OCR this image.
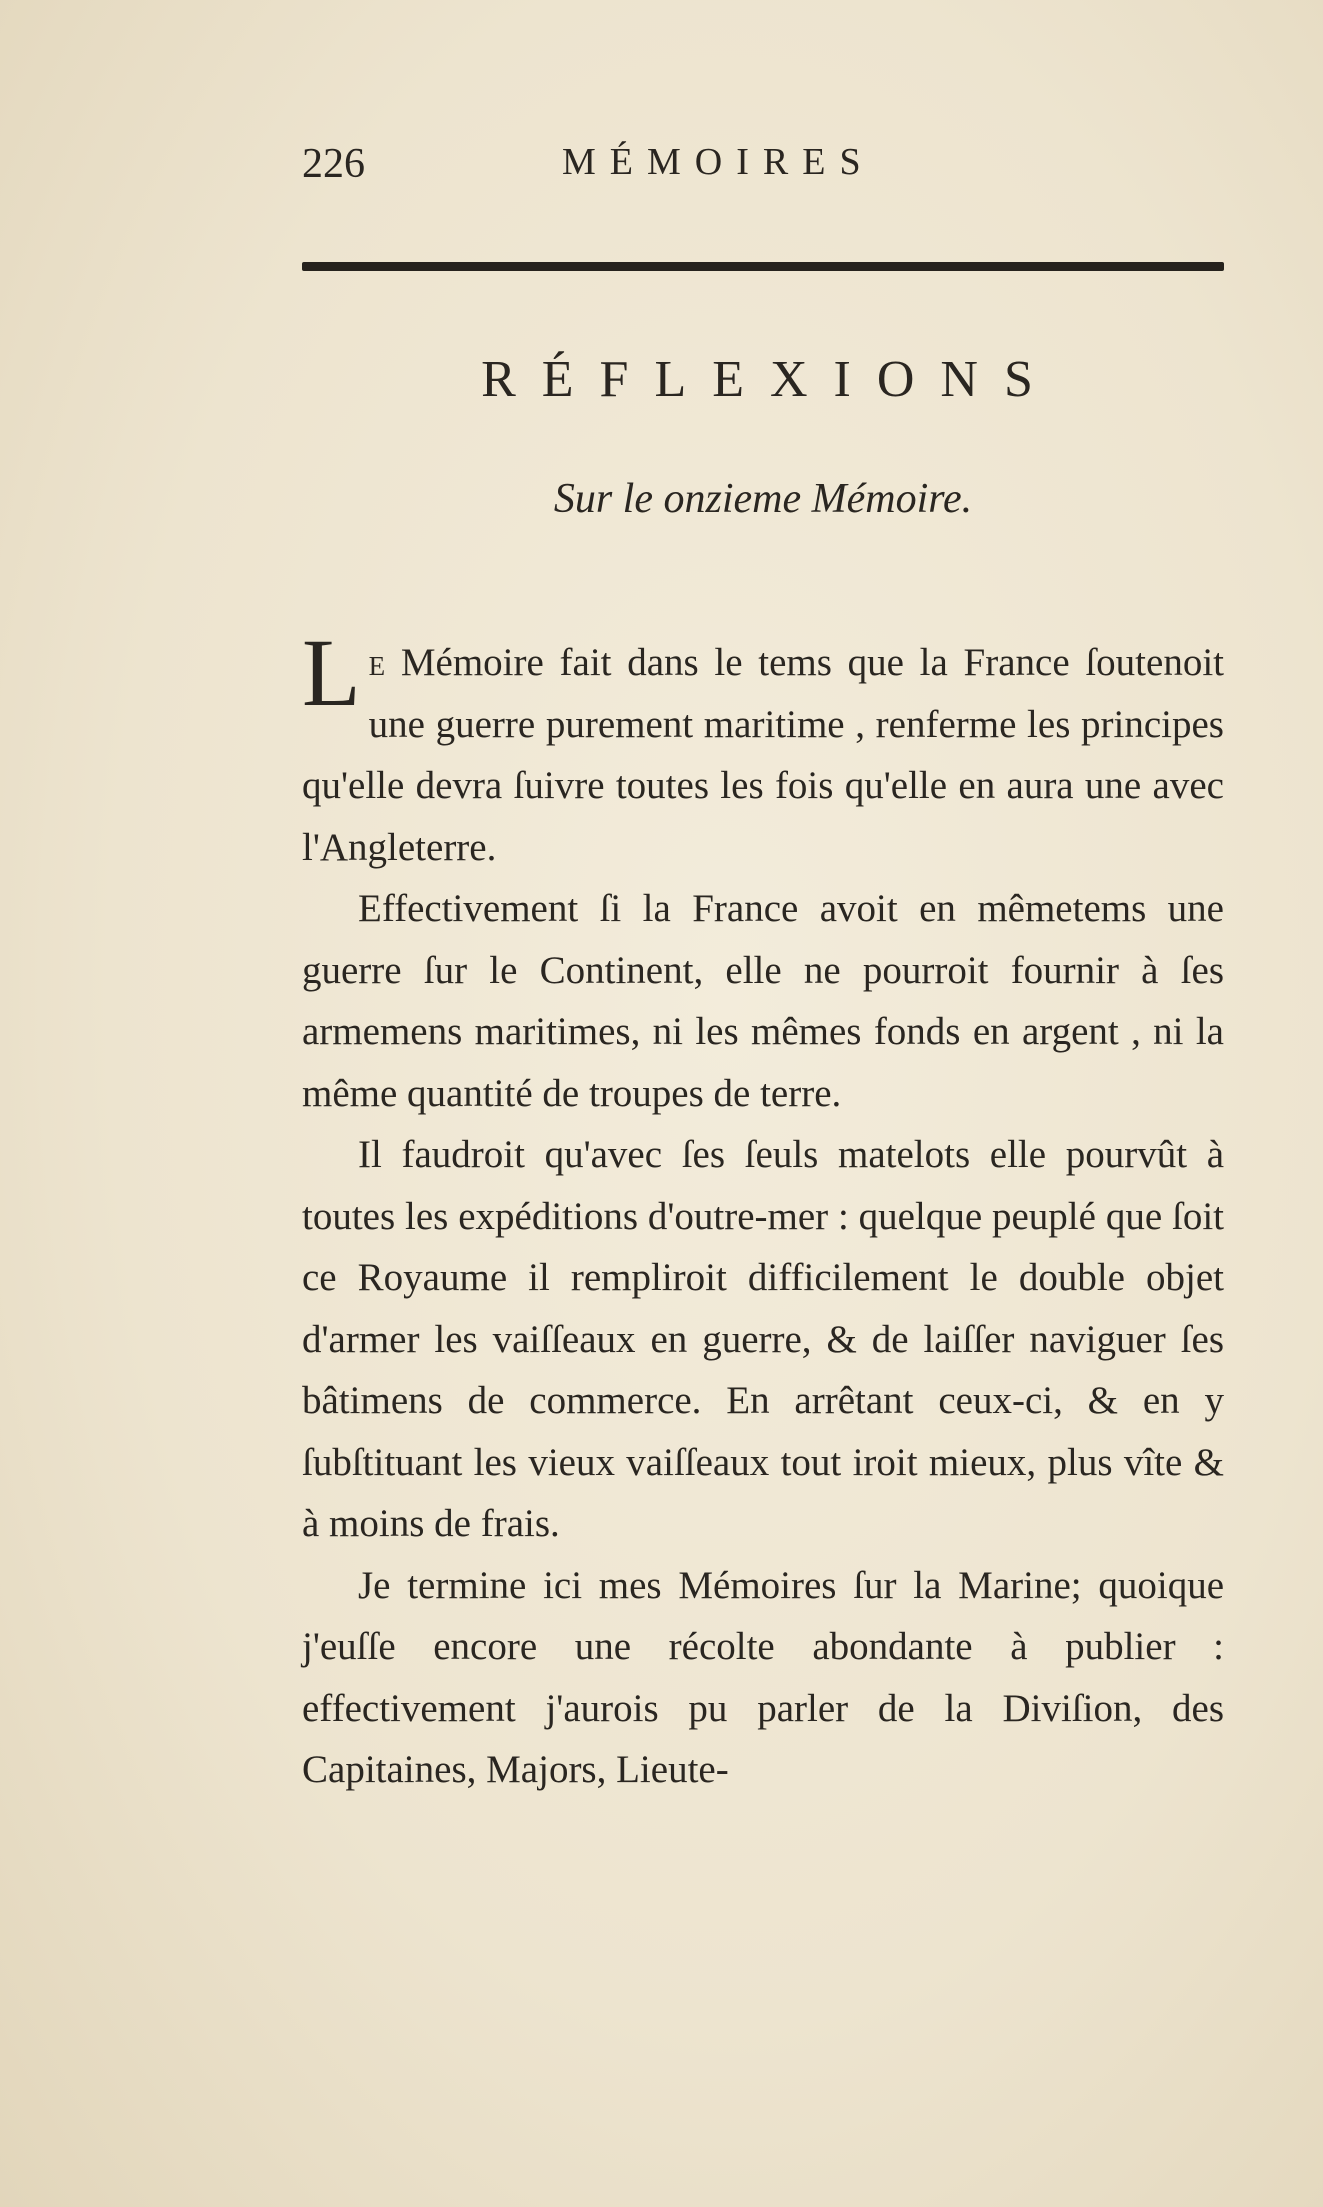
226	MÉMOIRES
RÉFLEXIONS
Sur le onzieme Mémoire.

Le Mémoire fait dans le tems que la France ſoutenoit une guerre purement maritime , renferme les principes qu'elle devra ſuivre toutes les fois qu'elle en aura une avec l'Angleterre.

Effectivement ſi la France avoit en mêmetems une guerre ſur le Continent, elle ne pourroit fournir à ſes armemens maritimes, ni les mêmes fonds en argent , ni la même quantité de troupes de terre.

Il faudroit qu'avec ſes ſeuls matelots elle pourvût à toutes les expéditions d'outre-mer : quelque peuplé que ſoit ce Royaume il rempliroit difficilement le double objet d'armer les vaiſſeaux en guerre, & de laiſſer naviguer ſes bâtimens de commerce. En arrêtant ceux-ci, & en y ſubſtituant les vieux vaiſſeaux tout iroit mieux, plus vîte & à moins de frais.

Je termine ici mes Mémoires ſur la Marine; quoique j'euſſe encore une récolte abondante à publier : effectivement j'aurois pu parler de la Diviſion, des Capitaines, Majors, Lieute-
